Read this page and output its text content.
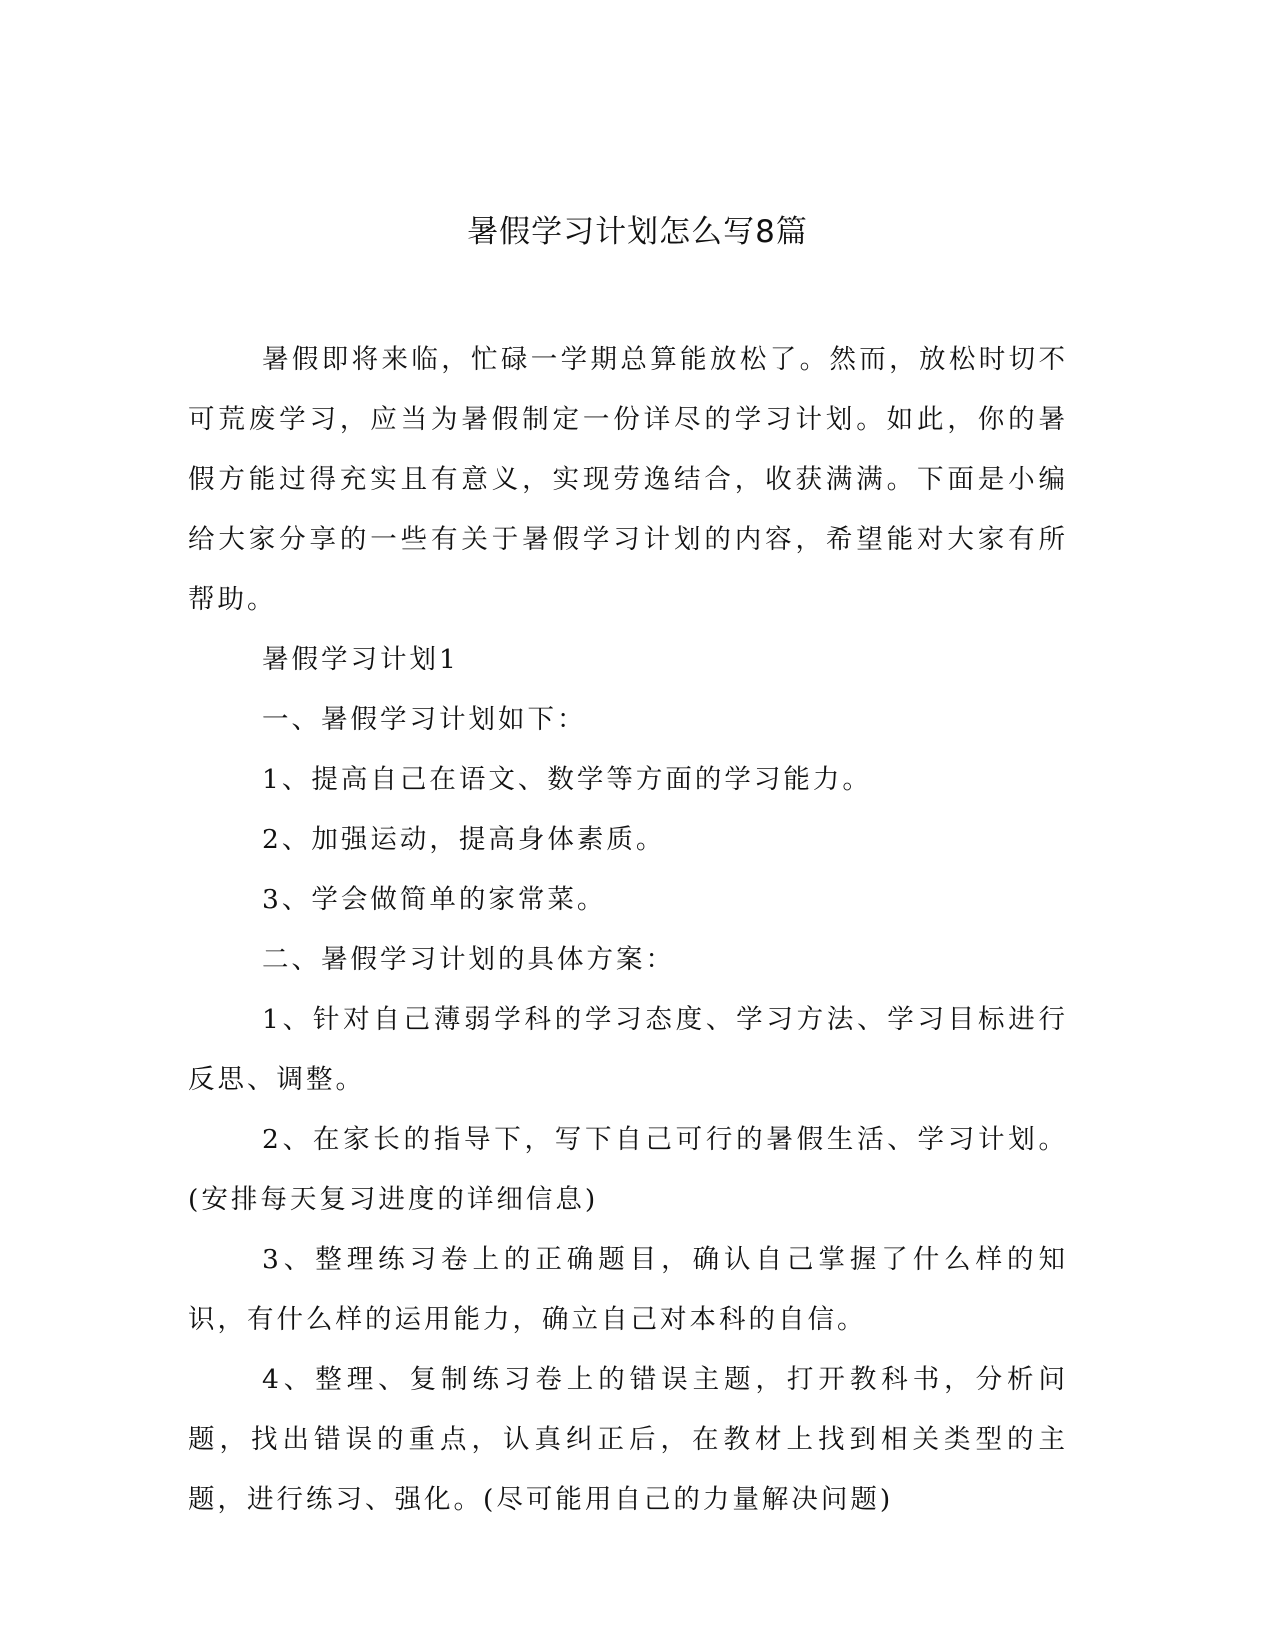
暑假学习计划怎么写8篇

暑假即将来临，忙碌一学期总算能放松了。然而，放松时切不可荒废学习，应当为暑假制定一份详尽的学习计划。如此，你的暑假方能过得充实且有意义，实现劳逸结合，收获满满。下面是小编给大家分享的一些有关于暑假学习计划的内容，希望能对大家有所帮助。

暑假学习计划1

一、暑假学习计划如下：

1、提高自己在语文、数学等方面的学习能力。

2、加强运动，提高身体素质。

3、学会做简单的家常菜。

二、暑假学习计划的具体方案：

1、针对自己薄弱学科的学习态度、学习方法、学习目标进行反思、调整。

2、在家长的指导下，写下自己可行的暑假生活、学习计划。(安排每天复习进度的详细信息)

3、整理练习卷上的正确题目，确认自己掌握了什么样的知识，有什么样的运用能力，确立自己对本科的自信。

4、整理、复制练习卷上的错误主题，打开教科书，分析问题，找出错误的重点，认真纠正后，在教材上找到相关类型的主题，进行练习、强化。(尽可能用自己的力量解决问题)
